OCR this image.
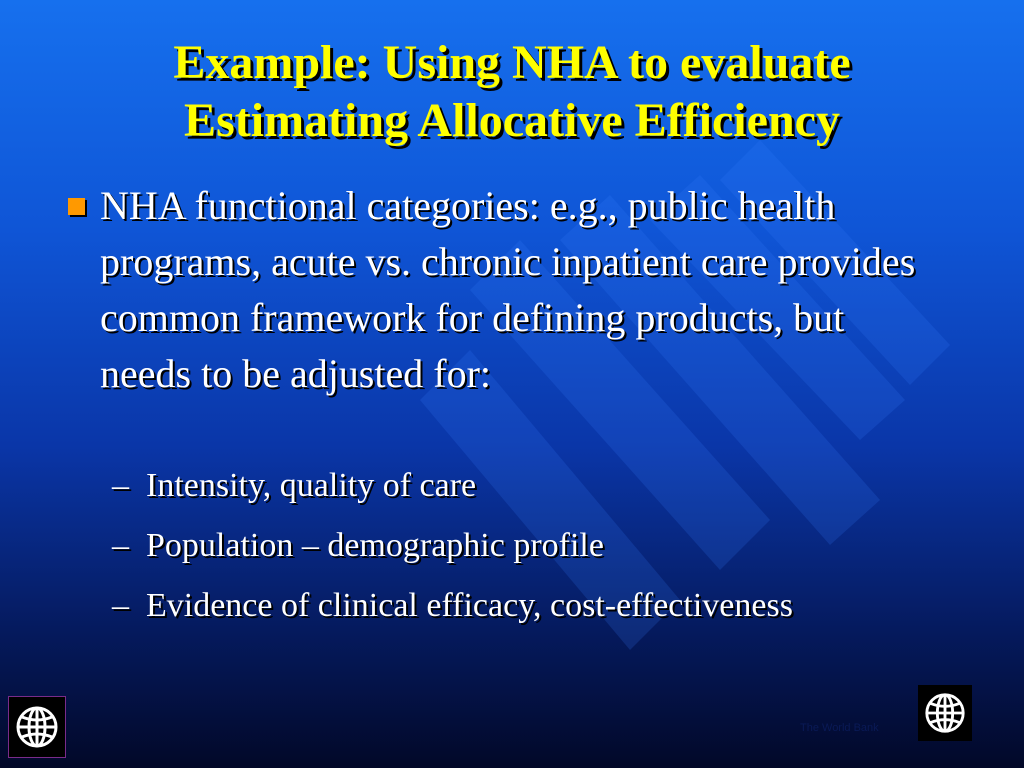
Example: Using NHA to evaluate
Estimating Allocative Efficiency
NHA functional categories: e.g., public health programs, acute vs. chronic inpatient care provides common framework for defining products, but needs to be adjusted for:
– Intensity, quality of care
– Population – demographic profile
– Evidence of clinical efficacy, cost-effectiveness
The World Bank
